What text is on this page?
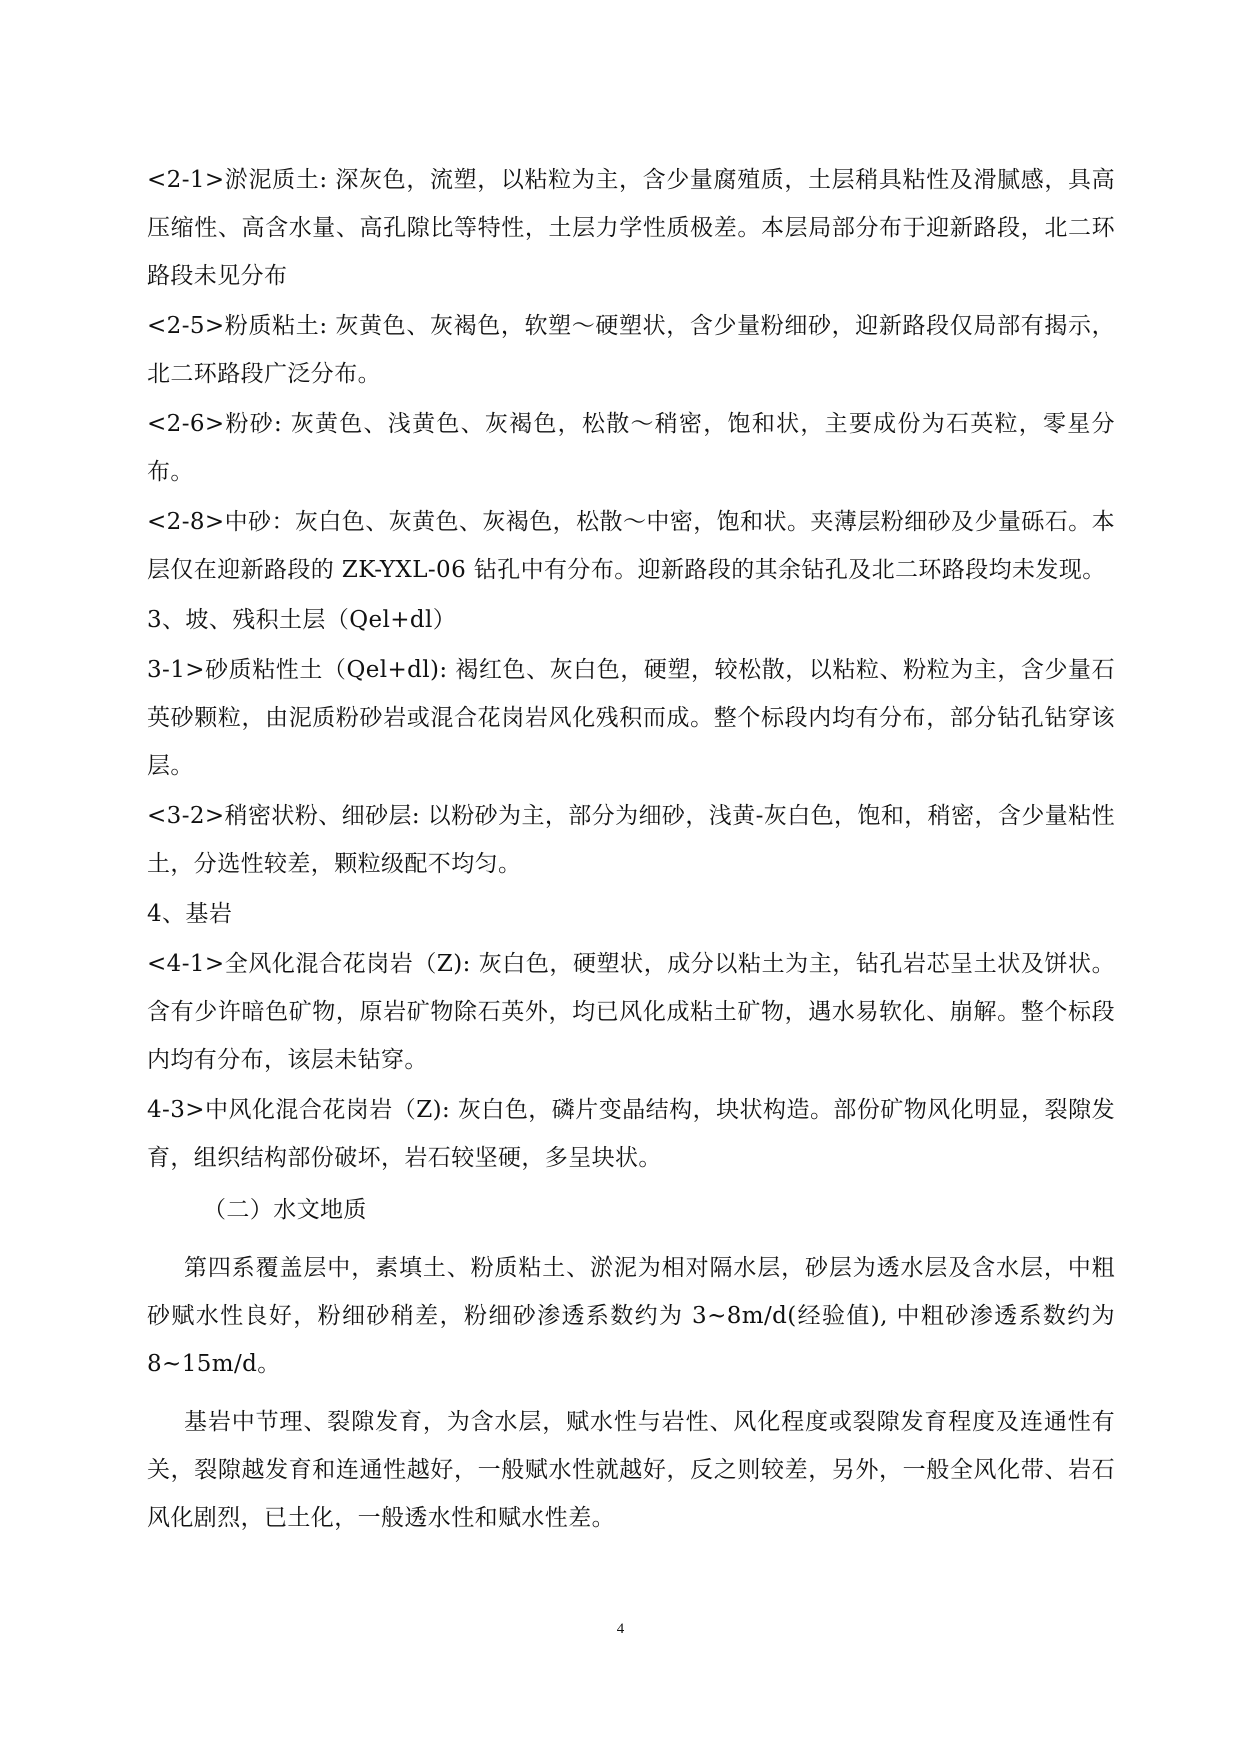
<2-1>淤泥质土: 深灰色，流塑，以粘粒为主，含少量腐殖质，土层稍具粘性及滑腻感，具高压缩性、高含水量、高孔隙比等特性，土层力学性质极差。本层局部分布于迎新路段，北二环路段未见分布

<2-5>粉质粘土: 灰黄色、灰褐色，软塑～硬塑状，含少量粉细砂，迎新路段仅局部有揭示，北二环路段广泛分布。

<2-6>粉砂: 灰黄色、浅黄色、灰褐色，松散～稍密，饱和状，主要成份为石英粒，零星分布。

<2-8>中砂：灰白色、灰黄色、灰褐色，松散～中密，饱和状。夹薄层粉细砂及少量砾石。本层仅在迎新路段的 ZK-YXL-06 钻孔中有分布。迎新路段的其余钻孔及北二环路段均未发现。

3、坡、残积土层（Qel+dl）

3-1>砂质粘性土（Qel+dl): 褐红色、灰白色，硬塑，较松散，以粘粒、粉粒为主，含少量石英砂颗粒，由泥质粉砂岩或混合花岗岩风化残积而成。整个标段内均有分布，部分钻孔钻穿该层。

<3-2>稍密状粉、细砂层: 以粉砂为主，部分为细砂，浅黄-灰白色，饱和，稍密，含少量粘性土，分选性较差，颗粒级配不均匀。

4、基岩

<4-1>全风化混合花岗岩（Z): 灰白色，硬塑状，成分以粘土为主，钻孔岩芯呈土状及饼状。含有少许暗色矿物，原岩矿物除石英外，均已风化成粘土矿物，遇水易软化、崩解。整个标段内均有分布，该层未钻穿。

4-3>中风化混合花岗岩（Z): 灰白色，磷片变晶结构，块状构造。部份矿物风化明显，裂隙发育，组织结构部份破坏，岩石较坚硬，多呈块状。

（二）水文地质

第四系覆盖层中，素填土、粉质粘土、淤泥为相对隔水层，砂层为透水层及含水层，中粗砂赋水性良好，粉细砂稍差，粉细砂渗透系数约为 3~8m/d(经验值), 中粗砂渗透系数约为 8~15m/d。

基岩中节理、裂隙发育，为含水层，赋水性与岩性、风化程度或裂隙发育程度及连通性有关，裂隙越发育和连通性越好，一般赋水性就越好，反之则较差，另外，一般全风化带、岩石风化剧烈，已土化，一般透水性和赋水性差。

4
